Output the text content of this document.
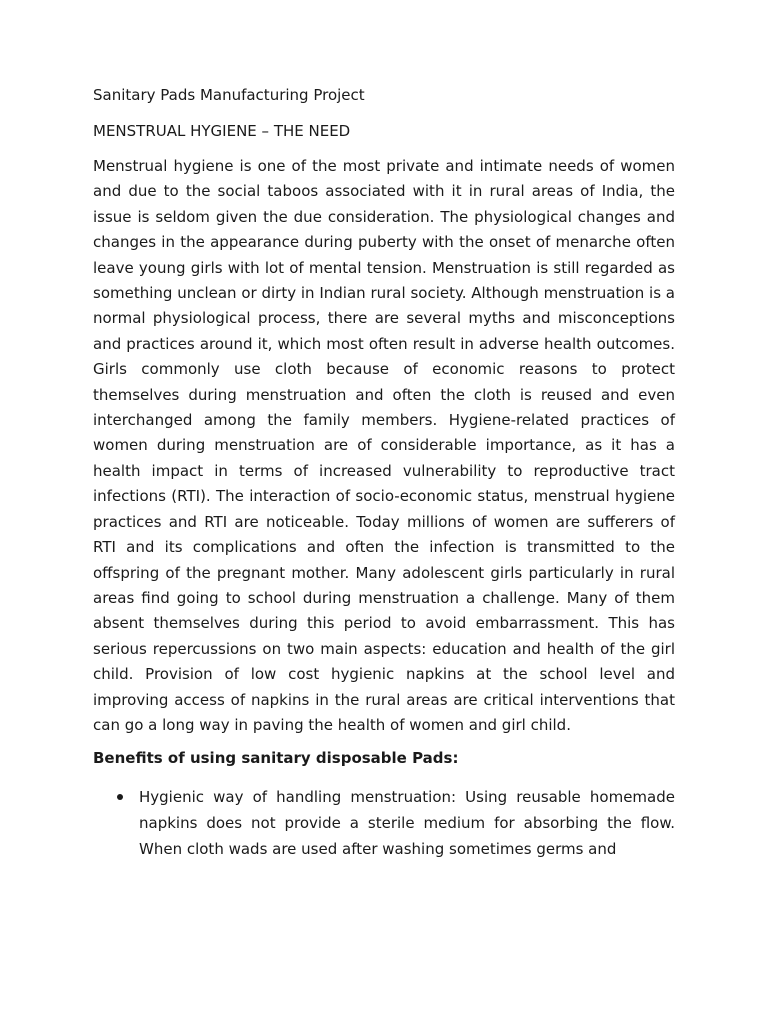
Sanitary Pads Manufacturing Project

MENSTRUAL HYGIENE – THE NEED

Menstrual hygiene is one of the most private and intimate needs of women and due to the social taboos associated with it in rural areas of India, the issue is seldom given the due consideration. The physiological changes and changes in the appearance during puberty with the onset of menarche often leave young girls with lot of mental tension. Menstruation is still regarded as something unclean or dirty in Indian rural society. Although menstruation is a normal physiological process, there are several myths and misconceptions and practices around it, which most often result in adverse health outcomes. Girls commonly use cloth because of economic reasons to protect themselves during menstruation and often the cloth is reused and even interchanged among the family members. Hygiene-related practices of women during menstruation are of considerable importance, as it has a health impact in terms of increased vulnerability to reproductive tract infections (RTI). The interaction of socio-economic status, menstrual hygiene practices and RTI are noticeable. Today millions of women are sufferers of RTI and its complications and often the infection is transmitted to the offspring of the pregnant mother. Many adolescent girls particularly in rural areas find going to school during menstruation a challenge. Many of them absent themselves during this period to avoid embarrassment. This has serious repercussions on two main aspects: education and health of the girl child. Provision of low cost hygienic napkins at the school level and improving access of napkins in the rural areas are critical interventions that can go a long way in paving the health of women and girl child.

Benefits of using sanitary disposable Pads:

Hygienic way of handling menstruation: Using reusable homemade napkins does not provide a sterile medium for absorbing the flow. When cloth wads are used after washing sometimes germs and
